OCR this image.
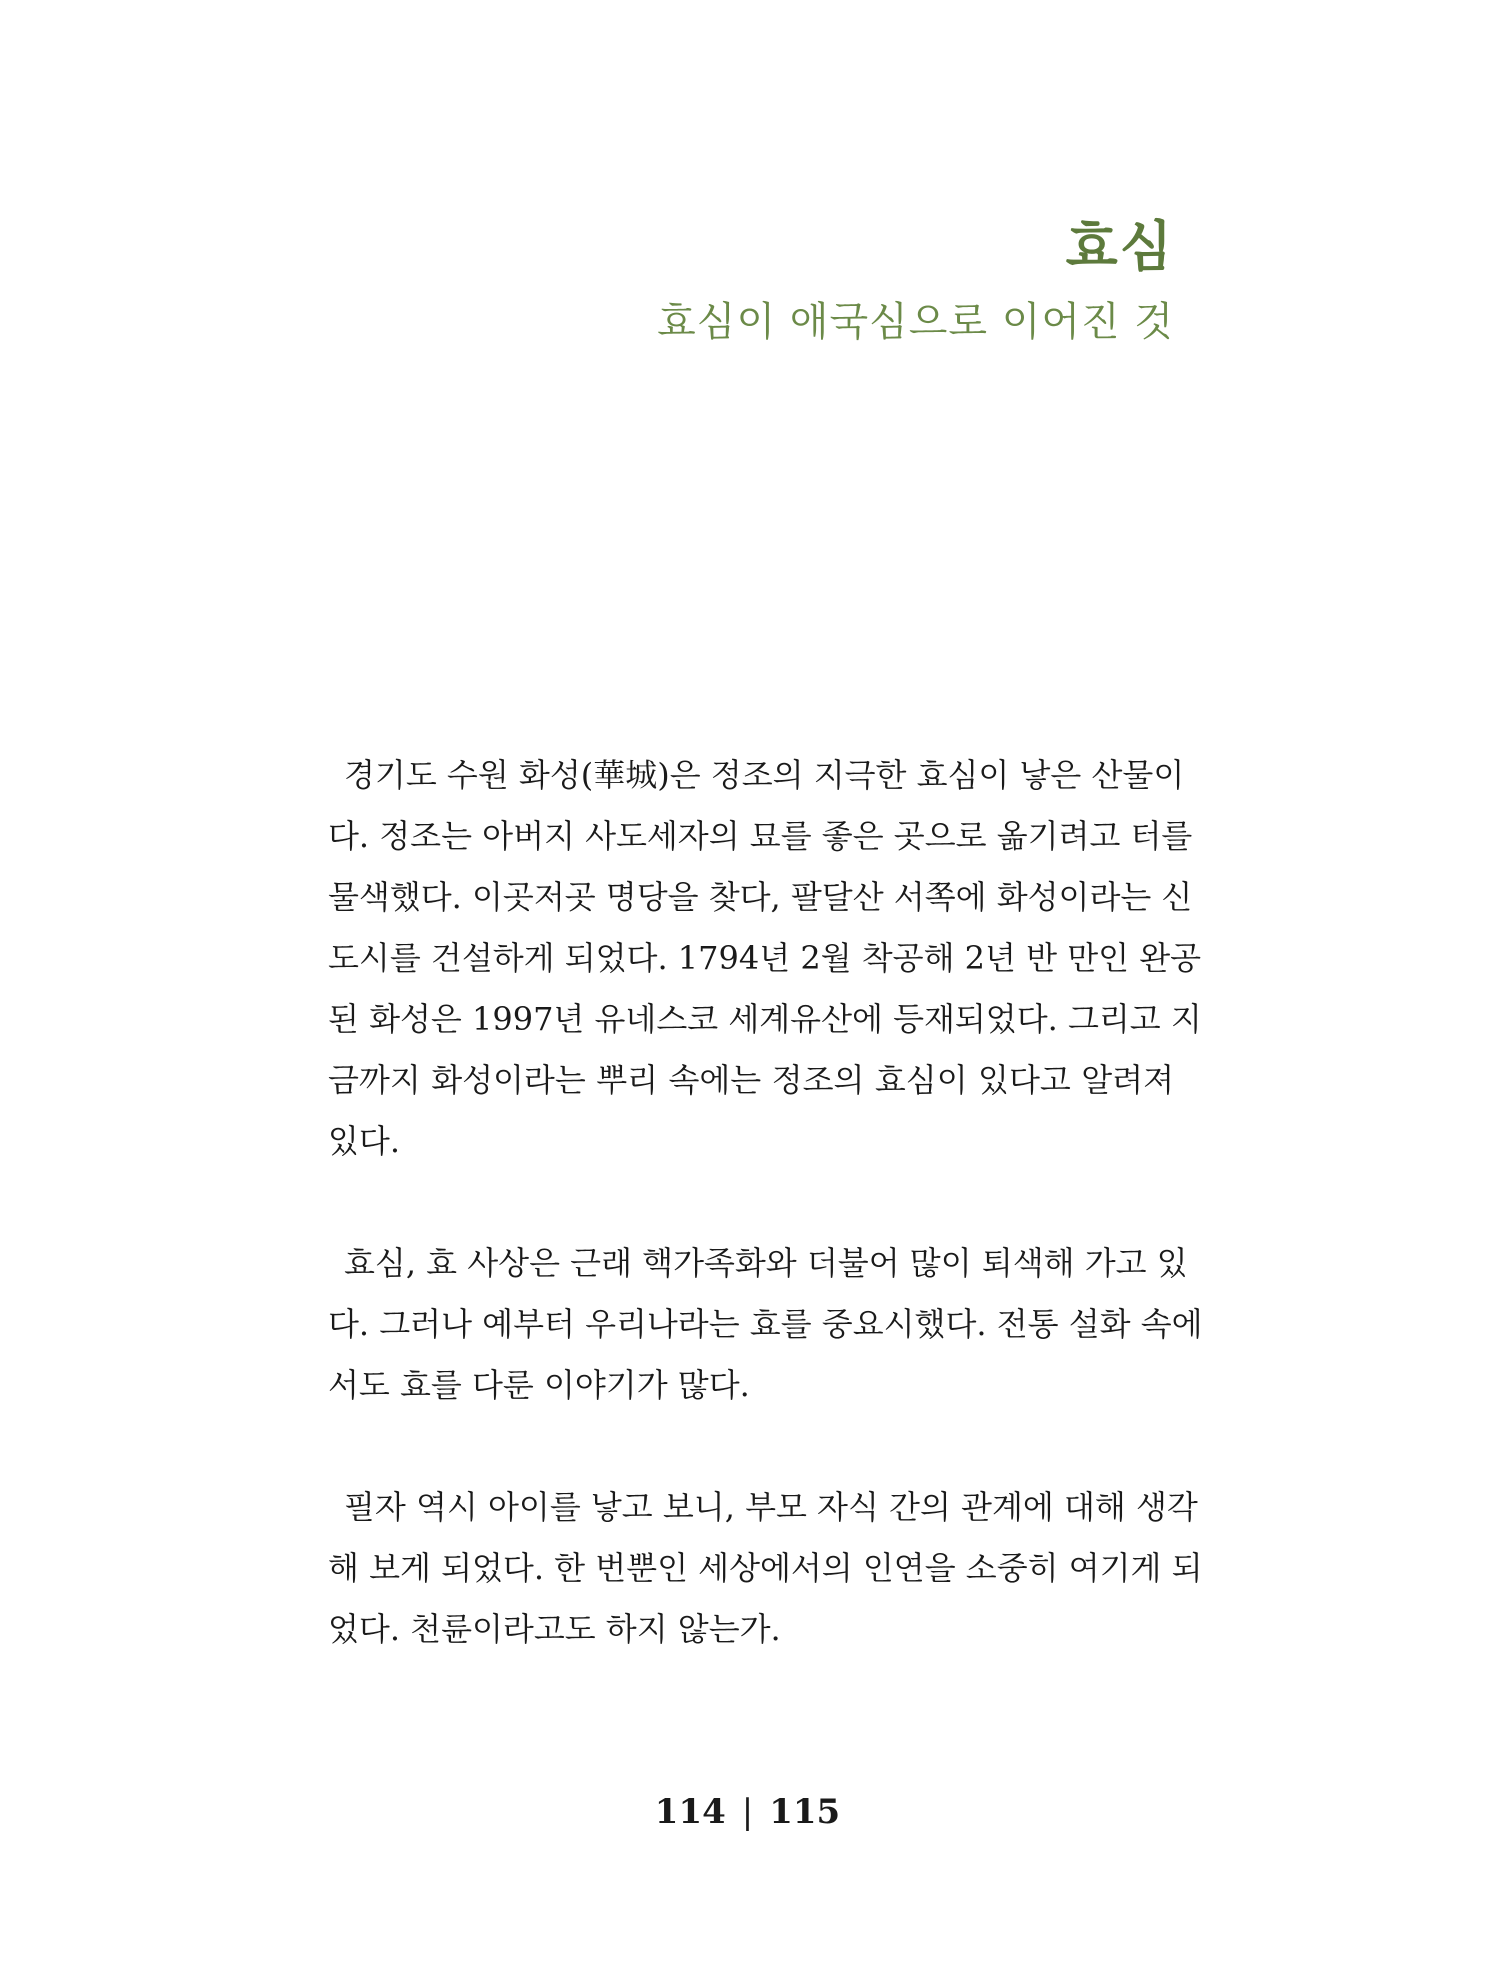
효심
효심이 애국심으로 이어진 것
경기도 수원 화성(華城)은 정조의 지극한 효심이 낳은 산물이
다. 정조는 아버지 사도세자의 묘를 좋은 곳으로 옮기려고 터를
물색했다. 이곳저곳 명당을 찾다, 팔달산 서쪽에 화성이라는 신
도시를 건설하게 되었다. 1794년 2월 착공해 2년 반 만인 완공
된 화성은 1997년 유네스코 세계유산에 등재되었다. 그리고 지
금까지 화성이라는 뿌리 속에는 정조의 효심이 있다고 알려져
있다.
효심, 효 사상은 근래 핵가족화와 더불어 많이 퇴색해 가고 있
다. 그러나 예부터 우리나라는 효를 중요시했다. 전통 설화 속에
서도 효를 다룬 이야기가 많다.
필자 역시 아이를 낳고 보니, 부모 자식 간의 관계에 대해 생각
해 보게 되었다. 한 번뿐인 세상에서의 인연을 소중히 여기게 되
었다. 천륜이라고도 하지 않는가.
114 | 115
